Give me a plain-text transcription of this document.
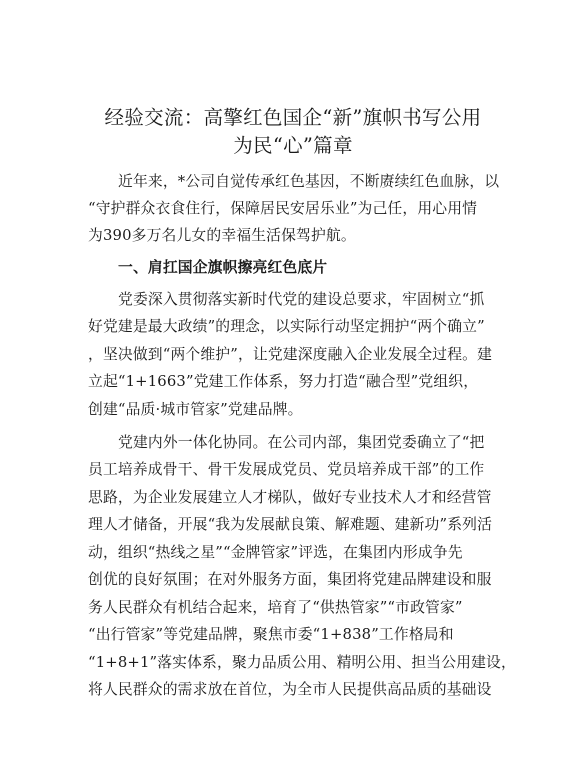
经验交流：高擎红色国企“新”旗帜书写公用
为民“心”篇章
近年来，*公司自觉传承红色基因，不断赓续红色血脉，以
“守护群众衣食住行，保障居民安居乐业”为己任，用心用情
为390多万名儿女的幸福生活保驾护航。
一、肩扛国企旗帜擦亮红色底片
党委深入贯彻落实新时代党的建设总要求，牢固树立“抓
好党建是最大政绩”的理念，以实际行动坚定拥护“两个确立”
，坚决做到“两个维护”，让党建深度融入企业发展全过程。建
立起“1+1663”党建工作体系，努力打造“融合型”党组织，
创建“品质·城市管家”党建品牌。
党建内外一体化协同。在公司内部，集团党委确立了“把
员工培养成骨干、骨干发展成党员、党员培养成干部”的工作
思路，为企业发展建立人才梯队，做好专业技术人才和经营管
理人才储备，开展“我为发展献良策、解难题、建新功”系列活
动，组织“热线之星”“金牌管家”评选，在集团内形成争先
创优的良好氛围；在对外服务方面，集团将党建品牌建设和服
务人民群众有机结合起来，培育了“供热管家”“市政管家”
“出行管家”等党建品牌，聚焦市委“1+838”工作格局和
“1+8+1”落实体系，聚力品质公用、精明公用、担当公用建设，
将人民群众的需求放在首位，为全市人民提供高品质的基础设
